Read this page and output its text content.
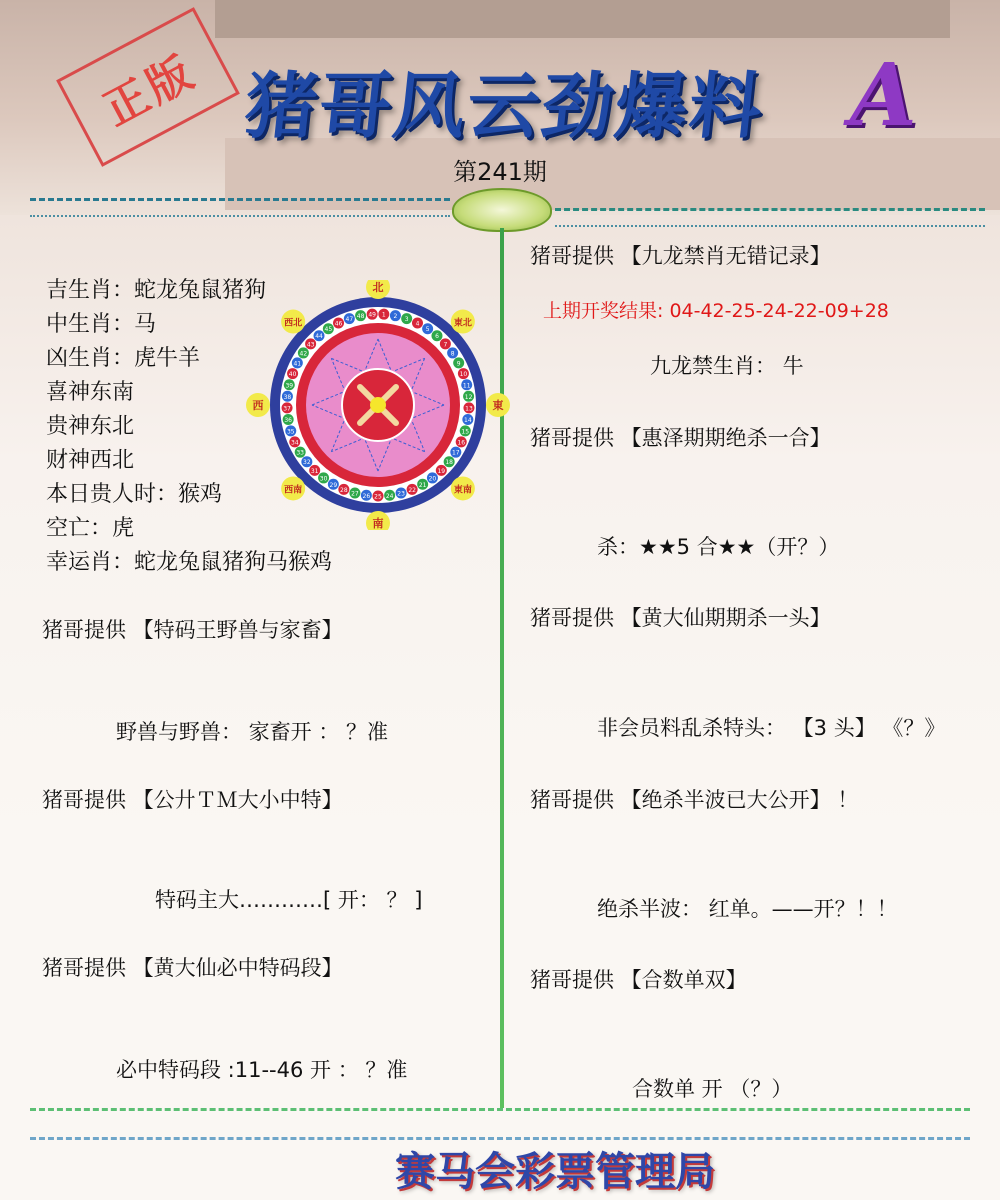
正版 猪哥风云劲爆料 A
第241期
吉生肖：蛇龙兔鼠猪狗
中生肖：马
凶生肖：虎牛羊
喜神东南
贵神东北
财神西北
本日贵人时：猴鸡
空亡：虎
幸运肖：蛇龙兔鼠猪狗马猴鸡
1 2 3
4
5
6
7
8
9
10
11
12
13
14
15
16
17
18
19
20
21
22
23
24
25
26
27
28
29
30
31
32
33
34
35
36
37
38
39
40
41
42
43
44
45
46
47 48 49
北
東北
東
東南
南
西南
西
西北
猪哥提供 【特码王野兽与家畜】
野兽与野兽： 家畜开 ： ？准
猪哥提供 【公廾ＴＭ大小中特】
特码主大…………[ 开： ？ ]
猪哥提供 【黄大仙必中特码段】
必中特码段 :11--46 开 ： ？准
猪哥提供 【九龙禁肖无错记录】
上期开奖结果: 04-42-25-24-22-09+28
九龙禁生肖： 牛
猪哥提供 【惠泽期期绝杀一合】
杀：★★5 合★★（开？）
猪哥提供 【黄大仙期期杀一头】
非会员料乱杀特头： 【3 头】 《？》
猪哥提供 【绝杀半波已大公开】 ！
绝杀半波： 红单。——开？！！
猪哥提供 【合数单双】
合数单 开 （？）
赛马会彩票管理局
